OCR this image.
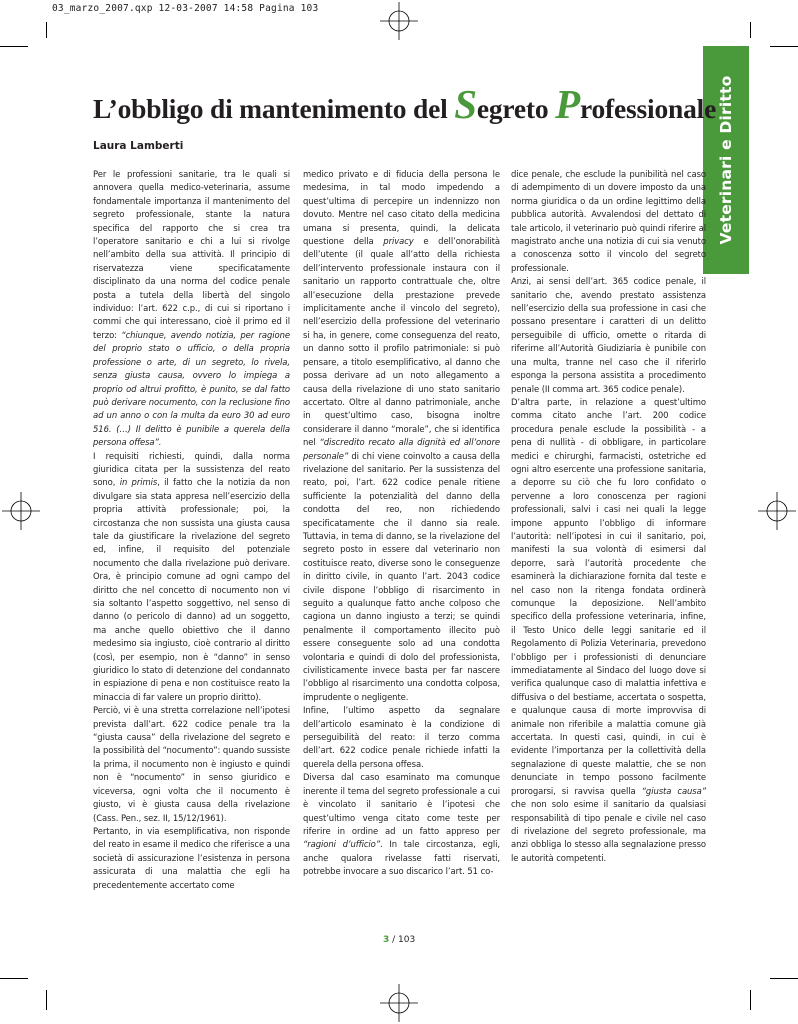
03_marzo_2007.qxp 12-03-2007 14:58 Pagina 103
Veterinari e Diritto
L’obbligo di mantenimento del Segreto Professionale
Laura Lamberti

Per le professioni sanitarie, tra le quali si annovera quella medico-veterinaria, assume fondamentale importanza il mantenimento del segreto professionale, stante la natura specifica del rapporto che si crea tra l’operatore sanitario e chi a lui si rivolge nell’ambito della sua attività. Il principio di riservatezza viene specificatamente disciplinato da una norma del codice penale posta a tutela della libertà del singolo individuo: l’art. 622 c.p., di cui si riportano i commi che qui interessano, cioè il primo ed il terzo: “chiunque, avendo notizia, per ragione del proprio stato o ufficio, o della propria professione o arte, di un segreto, lo rivela, senza giusta causa, ovvero lo impiega a proprio od altrui profitto, è punito, se dal fatto può derivare nocumento, con la reclusione fino ad un anno o con la multa da euro 30 ad euro 516. (…) Il delitto è punibile a querela della persona offesa”.

I requisiti richiesti, quindi, dalla norma giuridica citata per la sussistenza del reato sono, in primis, il fatto che la notizia da non divulgare sia stata appresa nell’esercizio della propria attività professionale; poi, la circostanza che non sussista una giusta causa tale da giustificare la rivelazione del segreto ed, infine, il requisito del potenziale nocumento che dalla rivelazione può derivare. Ora, è principio comune ad ogni campo del diritto che nel concetto di nocumento non vi sia soltanto l’aspetto soggettivo, nel senso di danno (o pericolo di danno) ad un soggetto, ma anche quello obiettivo che il danno medesimo sia ingiusto, cioè contrario al diritto (così, per esempio, non è “danno” in senso giuridico lo stato di detenzione del condannato in espiazione di pena e non costituisce reato la minaccia di far valere un proprio diritto).

Perciò, vi è una stretta correlazione nell’ipotesi prevista dall’art. 622 codice penale tra la “giusta causa” della rivelazione del segreto e la possibilità del “nocumento”: quando sussiste la prima, il nocumento non è ingiusto e quindi non è “nocumento” in senso giuridico e viceversa, ogni volta che il nocumento è giusto, vi è giusta causa della rivelazione (Cass. Pen., sez. II, 15/12/1961).

Pertanto, in via esemplificativa, non risponde del reato in esame il medico che riferisce a una società di assicurazione l’esistenza in persona assicurata di una malattia che egli ha precedentemente accertato come

medico privato e di fiducia della persona le medesima, in tal modo impedendo a quest’ultima di percepire un indennizzo non dovuto. Mentre nel caso citato della medicina umana si presenta, quindi, la delicata questione della privacy e dell’onorabilità dell’utente (il quale all’atto della richiesta dell’intervento professionale instaura con il sanitario un rapporto contrattuale che, oltre all’esecuzione della prestazione prevede implicitamente anche il vincolo del segreto), nell’esercizio della professione del veterinario si ha, in genere, come conseguenza del reato, un danno sotto il profilo patrimoniale: si può pensare, a titolo esemplificativo, al danno che possa derivare ad un noto allegamento a causa della rivelazione di uno stato sanitario accertato. Oltre al danno patrimoniale, anche in quest’ultimo caso, bisogna inoltre considerare il danno “morale”, che si identifica nel “discredito recato alla dignità ed all’onore personale” di chi viene coinvolto a causa della rivelazione del sanitario. Per la sussistenza del reato, poi, l’art. 622 codice penale ritiene sufficiente la potenzialità del danno della condotta del reo, non richiedendo specificatamente che il danno sia reale. Tuttavia, in tema di danno, se la rivelazione del segreto posto in essere dal veterinario non costituisce reato, diverse sono le conseguenze in diritto civile, in quanto l’art. 2043 codice civile dispone l’obbligo di risarcimento in seguito a qualunque fatto anche colposo che cagiona un danno ingiusto a terzi; se quindi penalmente il comportamento illecito può essere conseguente solo ad una condotta volontaria e quindi di dolo del professionista, civilisticamente invece basta per far nascere l’obbligo al risarcimento una condotta colposa, imprudente o negligente.

Infine, l’ultimo aspetto da segnalare dell’articolo esaminato è la condizione di perseguibilità del reato: il terzo comma dell’art. 622 codice penale richiede infatti la querela della persona offesa.

Diversa dal caso esaminato ma comunque inerente il tema del segreto professionale a cui è vincolato il sanitario è l’ipotesi che quest’ultimo venga citato come teste per riferire in ordine ad un fatto appreso per “ragioni d’ufficio”. In tale circostanza, egli, anche qualora rivelasse fatti riservati, potrebbe invocare a suo discarico l’art. 51 co-

dice penale, che esclude la punibilità nel caso di adempimento di un dovere imposto da una norma giuridica o da un ordine legittimo della pubblica autorità. Avvalendosi del dettato di tale articolo, il veterinario può quindi riferire al magistrato anche una notizia di cui sia venuto a conoscenza sotto il vincolo del segreto professionale.

Anzi, ai sensi dell’art. 365 codice penale, il sanitario che, avendo prestato assistenza nell’esercizio della sua professione in casi che possano presentare i caratteri di un delitto perseguibile di ufficio, omette o ritarda di riferirne all’Autorità Giudiziaria è punibile con una multa, tranne nel caso che il riferirlo esponga la persona assistita a procedimento penale (II comma art. 365 codice penale).

D’altra parte, in relazione a quest’ultimo comma citato anche l’art. 200 codice procedura penale esclude la possibilità - a pena di nullità - di obbligare, in particolare medici e chirurghi, farmacisti, ostetriche ed ogni altro esercente una professione sanitaria, a deporre su ciò che fu loro confidato o pervenne a loro conoscenza per ragioni professionali, salvi i casi nei quali la legge impone appunto l’obbligo di informare l’autorità: nell’ipotesi in cui il sanitario, poi, manifesti la sua volontà di esimersi dal deporre, sarà l’autorità procedente che esaminerà la dichiarazione fornita dal teste e nel caso non la ritenga fondata ordinerà comunque la deposizione. Nell’ambito specifico della professione veterinaria, infine, il Testo Unico delle leggi sanitarie ed il Regolamento di Polizia Veterinaria, prevedono l’obbligo per i professionisti di denunciare immediatamente al Sindaco del luogo dove si verifica qualunque caso di malattia infettiva e diffusiva o del bestiame, accertata o sospetta, e qualunque causa di morte improvvisa di animale non riferibile a malattia comune già accertata. In questi casi, quindi, in cui è evidente l’importanza per la collettività della segnalazione di queste malattie, che se non denunciate in tempo possono facilmente prorogarsi, si ravvisa quella “giusta causa” che non solo esime il sanitario da qualsiasi responsabilità di tipo penale e civile nel caso di rivelazione del segreto professionale, ma anzi obbliga lo stesso alla segnalazione presso le autorità competenti.

3 / 103
